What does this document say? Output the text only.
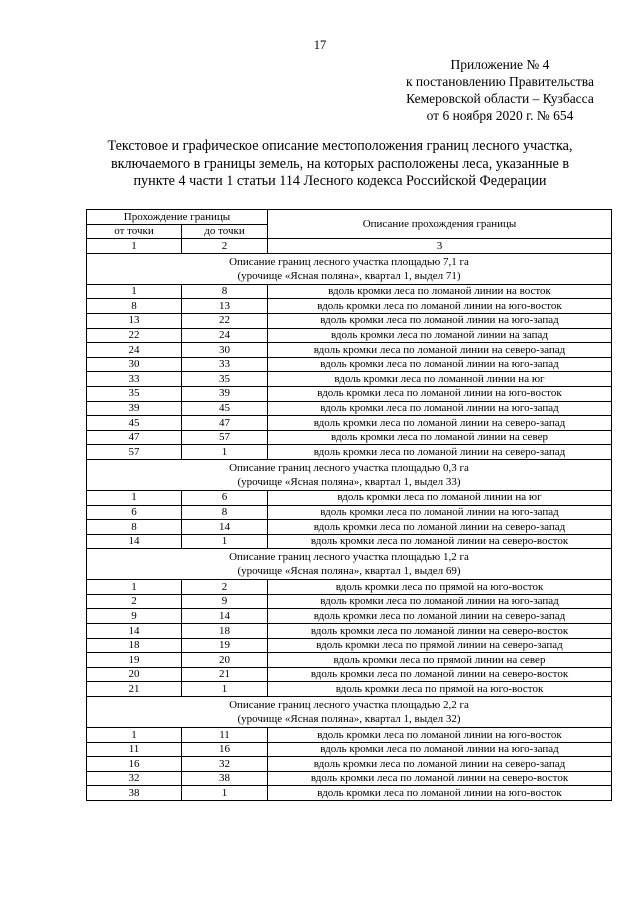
17
Приложение № 4
к постановлению Правительства
Кемеровской области – Кузбасса
от 6 ноября 2020 г. № 654
Текстовое и графическое описание местоположения границ лесного участка,
включаемого в границы земель, на которых расположены леса, указанные в
пункте 4 части 1 статьи 114 Лесного кодекса Российской Федерации
Прохождение границы		Описание прохождения границы
от точки	до точки	
1	2	3

Описание границ лесного участка площадью 7,1 га
(урочище «Ясная поляна», квартал 1, выдел 71)		

1	8	вдоль кромки леса по ломаной линии на восток
8	13	вдоль кромки леса по ломаной линии на юго-восток
13	22	вдоль кромки леса по ломаной линии на юго-запад
22	24	вдоль кромки леса по ломаной линии на запад
24	30	вдоль кромки леса по ломаной линии на северо-запад
30	33	вдоль кромки леса по ломаной линии на юго-запад
33	35	вдоль кромки леса по ломанной линии на юг
35	39	вдоль кромки леса по ломаной линии на юго-восток
39	45	вдоль кромки леса по ломаной линии на юго-запад
45	47	вдоль кромки леса по ломаной линии на северо-запад
47	57	вдоль кромки леса по ломаной линии на север
57	1	вдоль кромки леса по ломаной линии на северо-запад

Описание границ лесного участка площадью 0,3 га
(урочище «Ясная поляна», квартал 1, выдел 33)		

1	6	вдоль кромки леса по ломаной линии на юг
6	8	вдоль кромки леса по ломаной линии на юго-запад
8	14	вдоль кромки леса по ломаной линии на северо-запад
14	1	вдоль кромки леса по ломаной линии на северо-восток

Описание границ лесного участка площадью 1,2 га
(урочище «Ясная поляна», квартал 1, выдел 69)		

1	2	вдоль кромки леса по прямой на юго-восток
2	9	вдоль кромки леса по ломаной линии на юго-запад
9	14	вдоль кромки леса по ломаной линии на северо-запад
14	18	вдоль кромки леса по ломаной линии на северо-восток
18	19	вдоль кромки леса по прямой линии на северо-запад
19	20	вдоль кромки леса по прямой линии на север
20	21	вдоль кромки леса по ломаной линии на северо-восток
21	1	вдоль кромки леса по прямой на юго-восток

Описание границ лесного участка площадью 2,2 га
(урочище «Ясная поляна», квартал 1, выдел 32)		

1	11	вдоль кромки леса по ломаной линии на юго-восток
11	16	вдоль кромки леса по ломаной линии на юго-запад
16	32	вдоль кромки леса по ломаной линии на северо-запад
32	38	вдоль кромки леса по ломаной линии на северо-восток
38	1	вдоль кромки леса по ломаной линии на юго-восток
